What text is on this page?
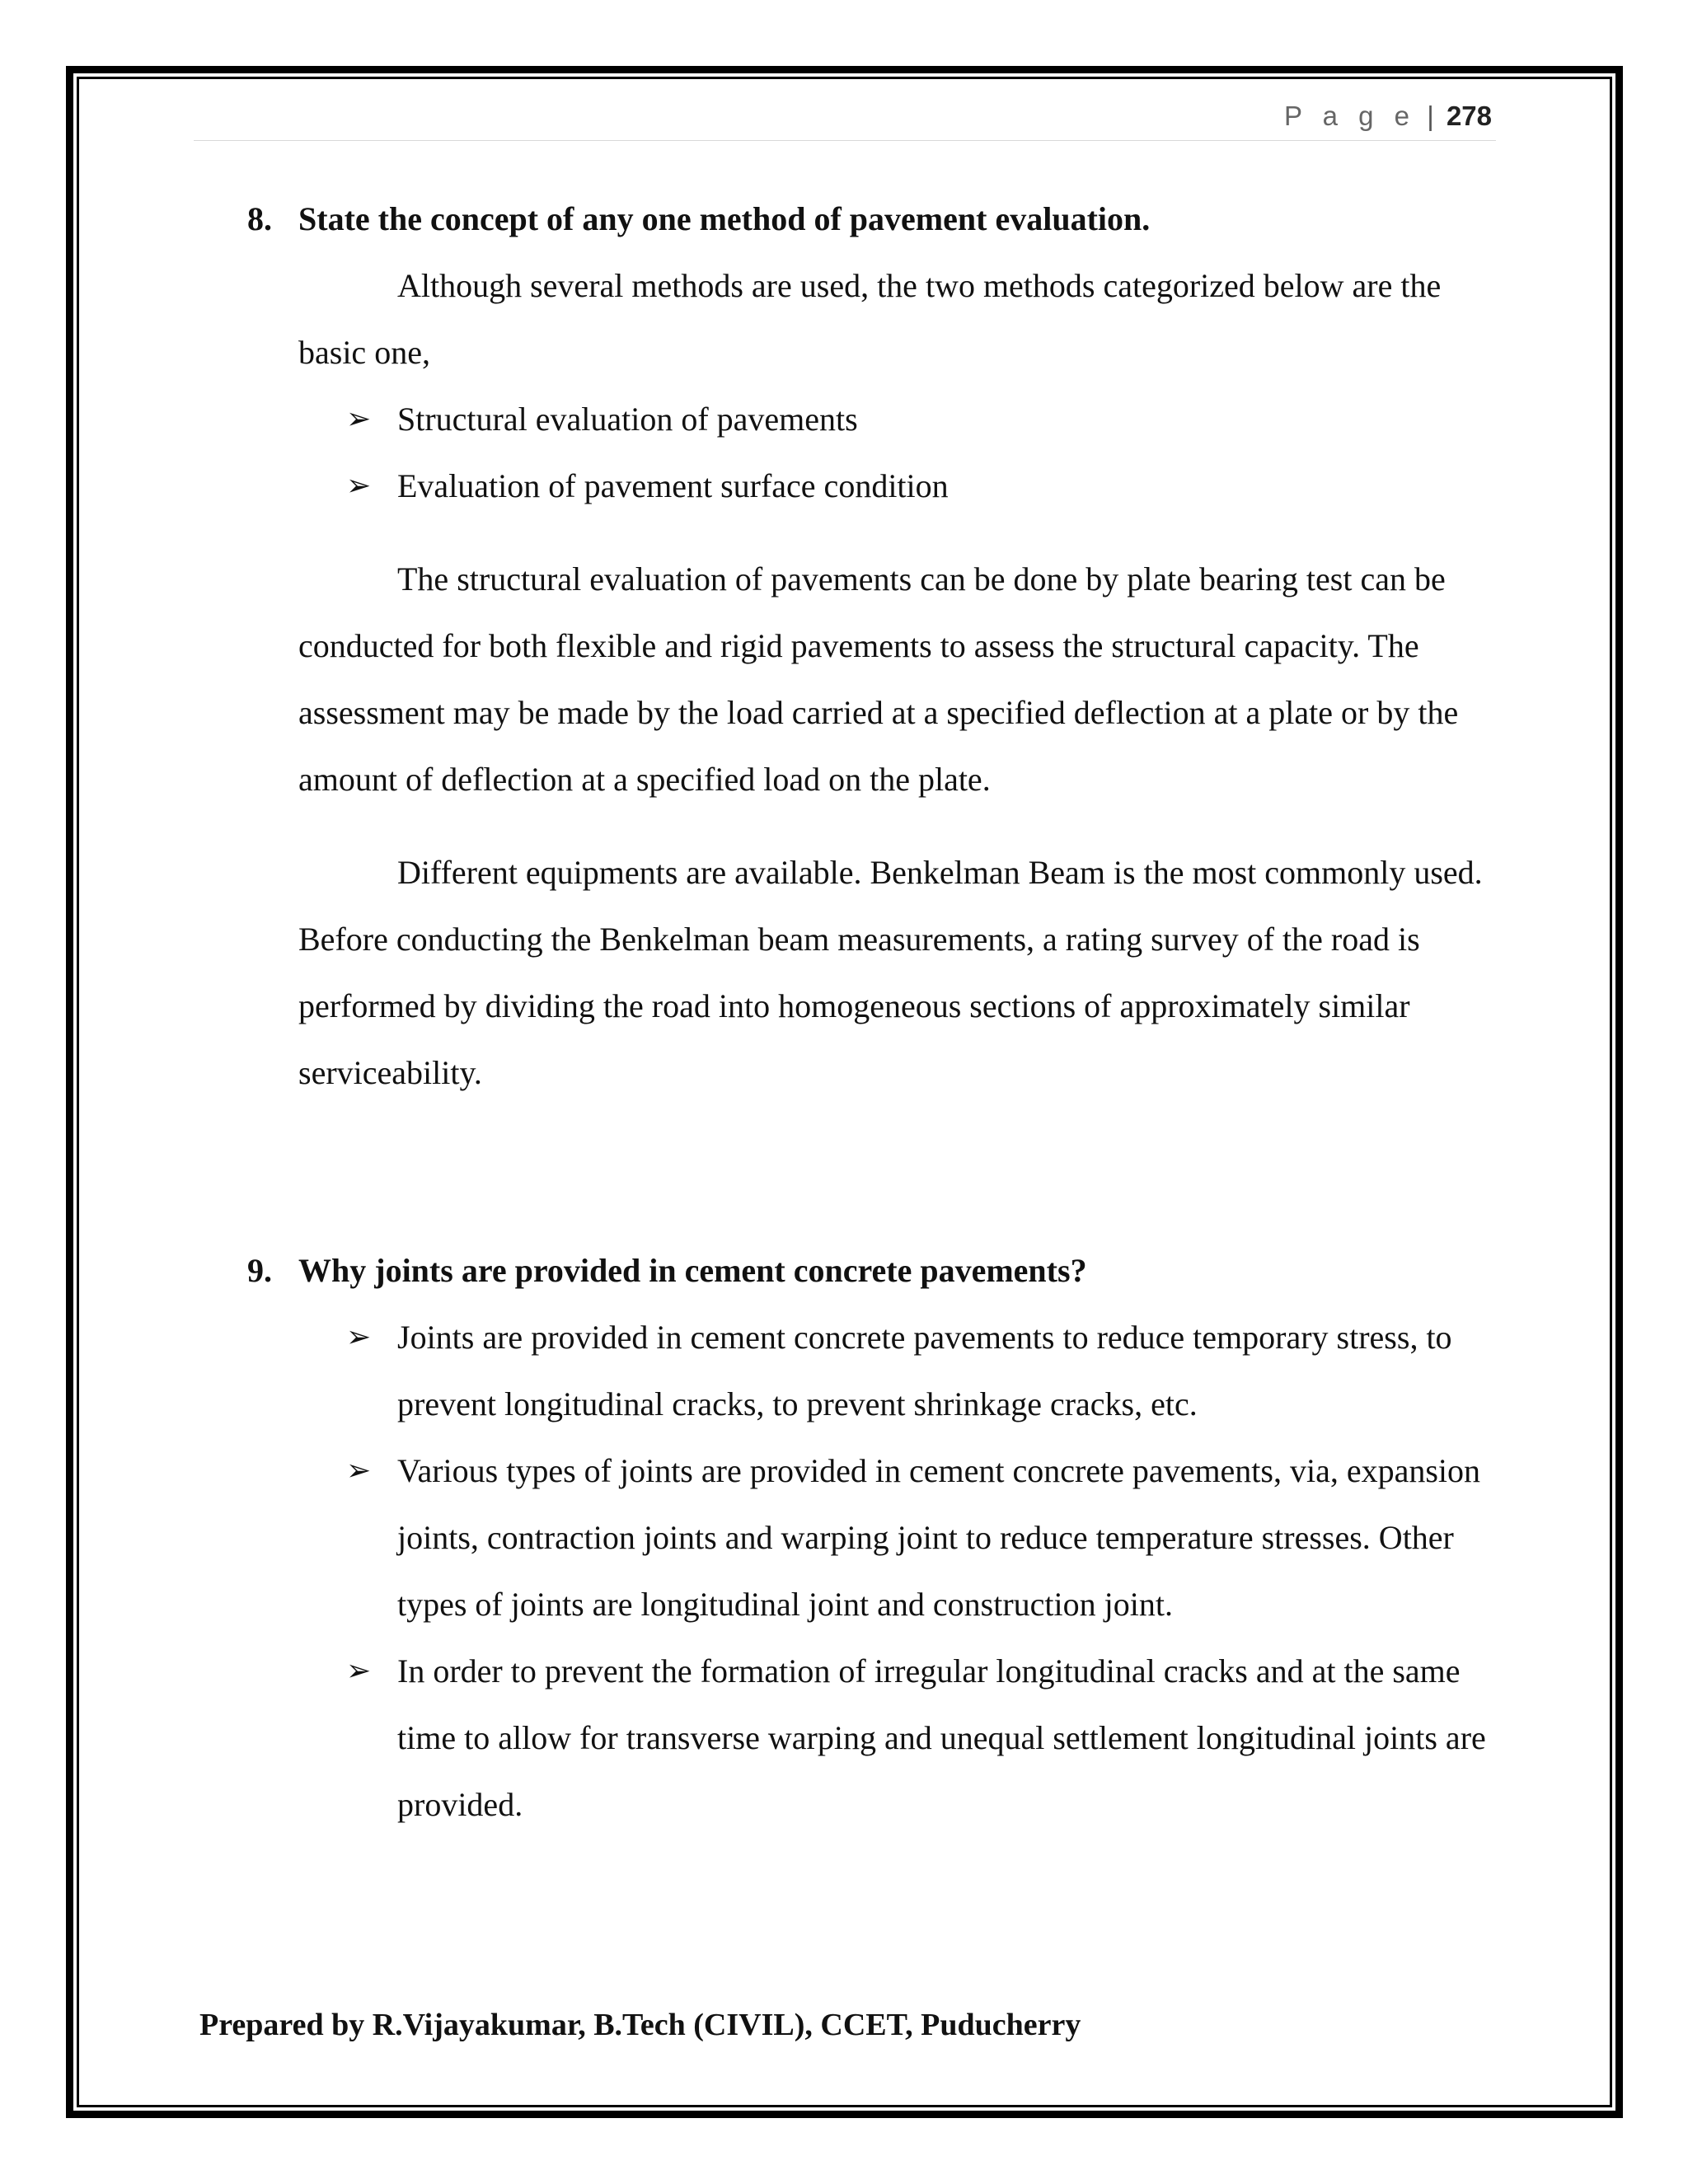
P a g e | 278
8. State the concept of any one method of pavement evaluation.

Although several methods are used, the two methods categorized below are the basic one,

➢ Structural evaluation of pavements
➢ Evaluation of pavement surface condition

The structural evaluation of pavements can be done by plate bearing test can be conducted for both flexible and rigid pavements to assess the structural capacity. The assessment may be made by the load carried at a specified deflection at a plate or by the amount of deflection at a specified load on the plate.

Different equipments are available. Benkelman Beam is the most commonly used. Before conducting the Benkelman beam measurements, a rating survey of the road is performed by dividing the road into homogeneous sections of approximately similar serviceability.

9. Why joints are provided in cement concrete pavements?
➢ Joints are provided in cement concrete pavements to reduce temporary stress, to prevent longitudinal cracks, to prevent shrinkage cracks, etc.
➢ Various types of joints are provided in cement concrete pavements, via, expansion joints, contraction joints and warping joint to reduce temperature stresses. Other types of joints are longitudinal joint and construction joint.
➢ In order to prevent the formation of irregular longitudinal cracks and at the same time to allow for transverse warping and unequal settlement longitudinal joints are provided.
Prepared by R.Vijayakumar, B.Tech (CIVIL), CCET, Puducherry
